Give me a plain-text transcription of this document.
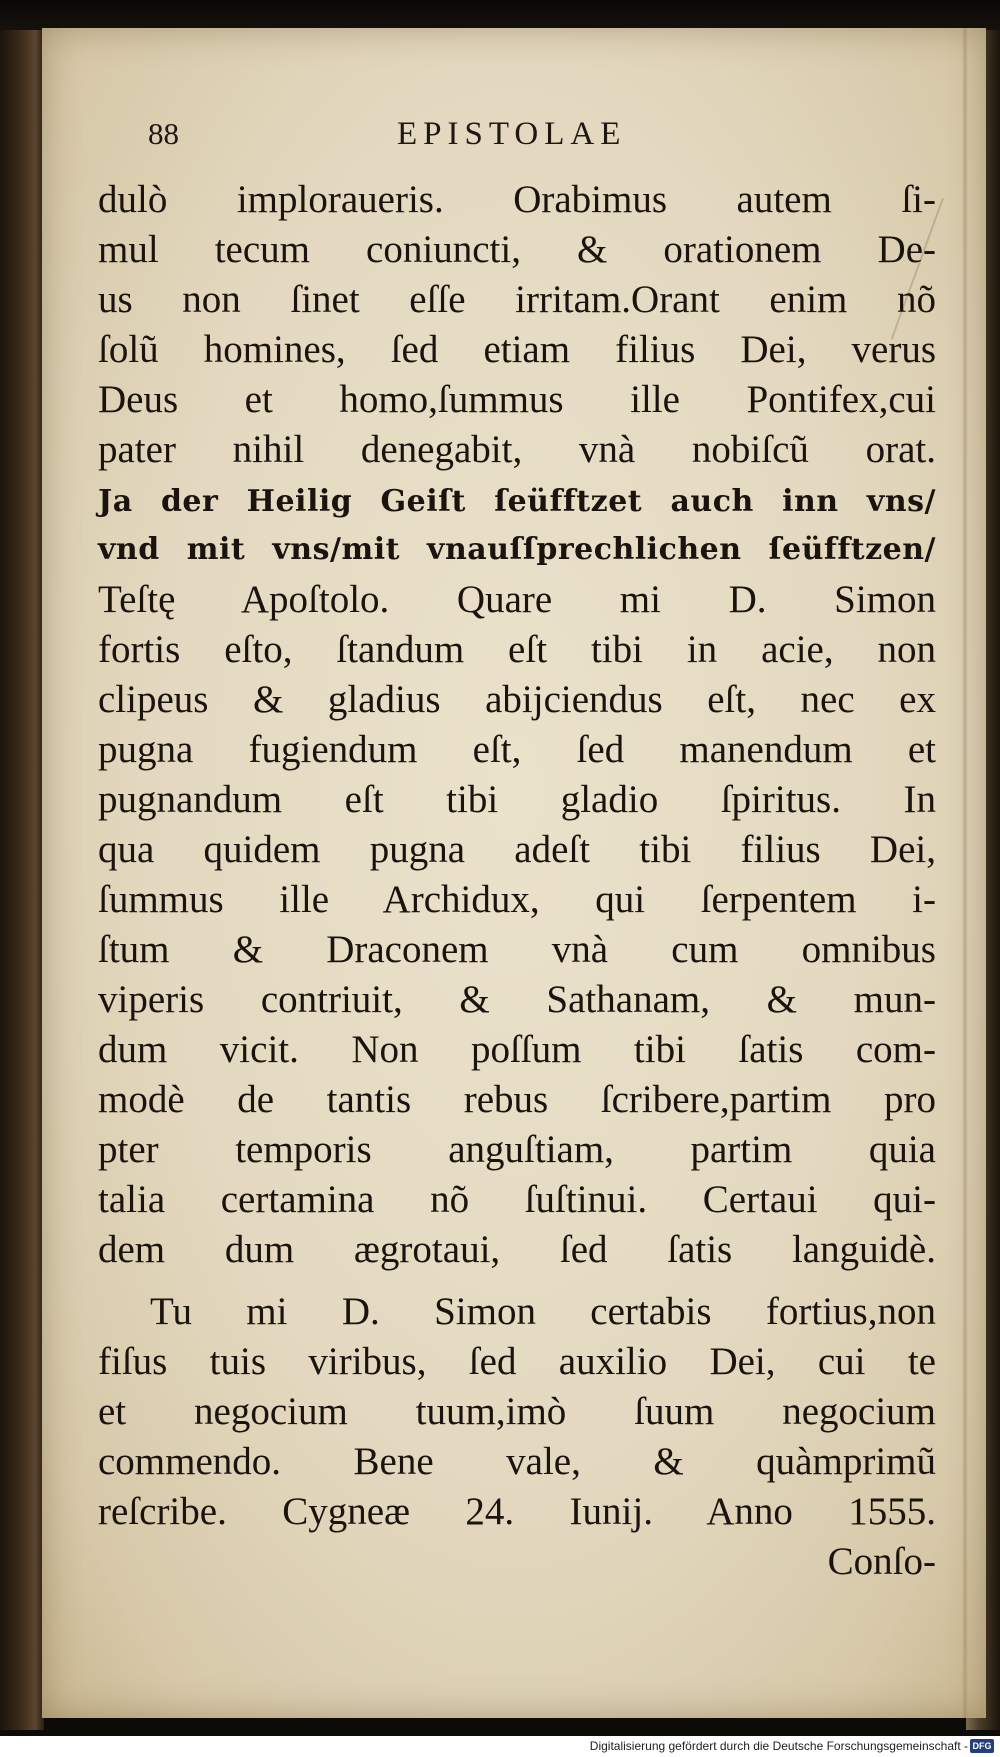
88	EPISTOLAE

dulò imploraueris. Orabimus autem ſi-

mul tecum coniuncti, & orationem De-

us non ſinet eſſe irritam.Orant enim nõ

ſolũ homines, ſed etiam filius Dei, verus

Deus et homo,ſummus ille Pontifex,cui

pater nihil denegabit, vnà nobiſcũ orat.

Ja der Heilig Geiſt ſeüfftzet auch inn vns/

vnd mit vns/mit vnauſſprechlichen ſeüfftzen/

Teſtę Apoſtolo. Quare mi D. Simon

fortis eſto, ſtandum eſt tibi in acie, non

clipeus & gladius abijciendus eſt, nec ex

pugna fugiendum eſt, ſed manendum et

pugnandum eſt tibi gladio ſpiritus. In

qua quidem pugna adeſt tibi filius Dei,

ſummus ille Archidux, qui ſerpentem i-

ſtum & Draconem vnà cum omnibus

viperis contriuit, & Sathanam, & mun-

dum vicit. Non poſſum tibi ſatis com-

modè de tantis rebus ſcribere,partim pro

pter temporis anguſtiam, partim quia

talia certamina nõ ſuſtinui. Certaui qui-

dem dum ægrotaui, ſed ſatis languidè.

Tu mi D. Simon certabis fortius,non

fiſus tuis viribus, ſed auxilio Dei, cui te

et negocium tuum,imò ſuum negocium

commendo. Bene vale, & quàmprimũ

reſcribe. Cygneæ 24. Iunij. Anno 1555.

Conſo-

Digitalisierung gefördert durch die Deutsche Forschungsgemeinschaft - DFG
